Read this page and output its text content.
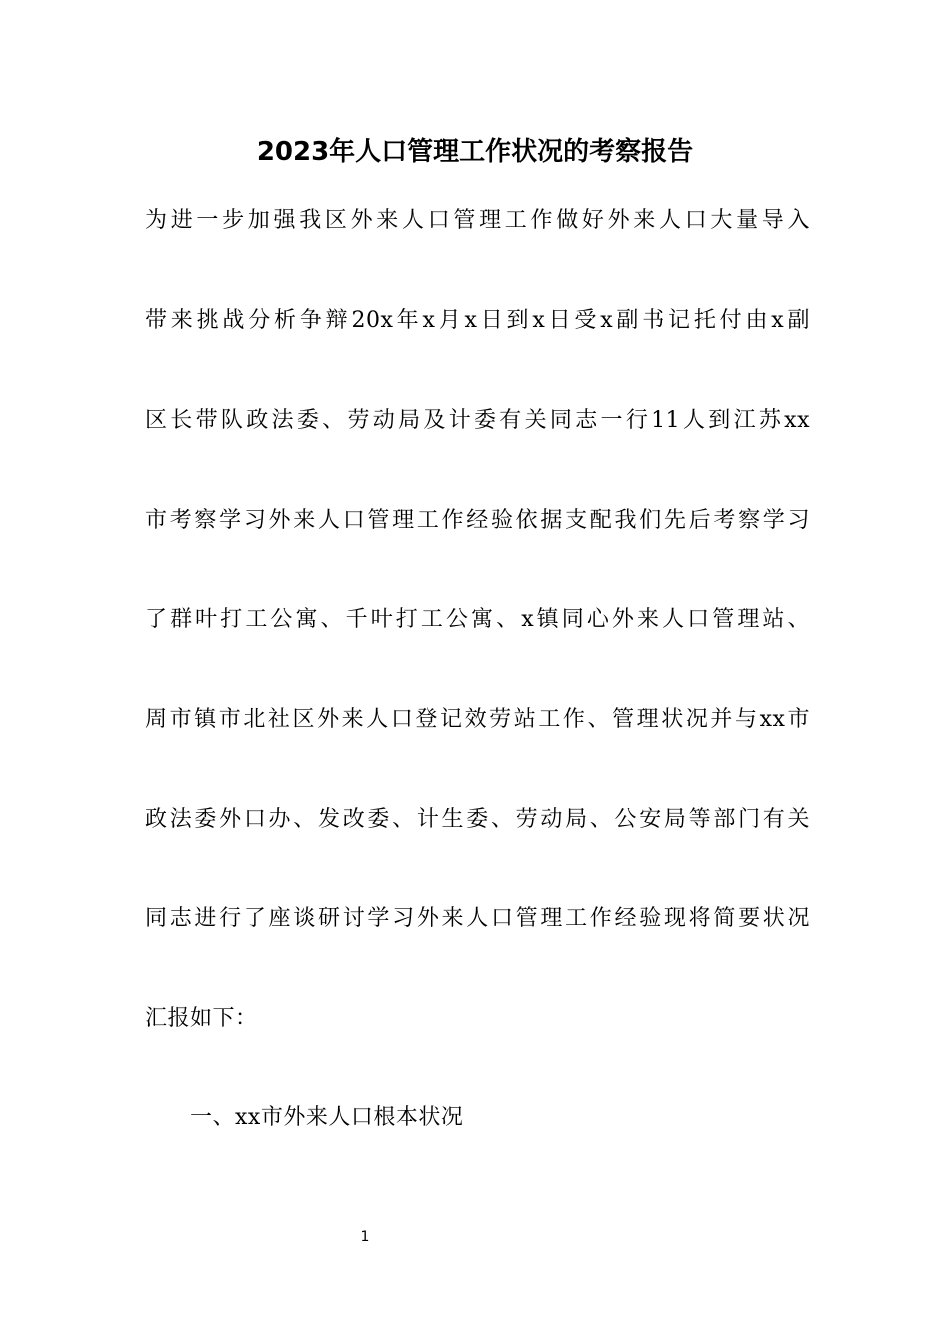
2023年人口管理工作状况的考察报告
为进一步加强我区外来人口管理工作做好外来人口大量导入
带来挑战分析争辩20x年x月x日到x日受x副书记托付由x副
区长带队政法委、劳动局及计委有关同志一行11人到江苏xx
市考察学习外来人口管理工作经验依据支配我们先后考察学习
了群叶打工公寓、千叶打工公寓、x镇同心外来人口管理站、
周市镇市北社区外来人口登记效劳站工作、管理状况并与xx市
政法委外口办、发改委、计生委、劳动局、公安局等部门有关
同志进行了座谈研讨学习外来人口管理工作经验现将简要状况
汇报如下：
一、xx市外来人口根本状况
1
